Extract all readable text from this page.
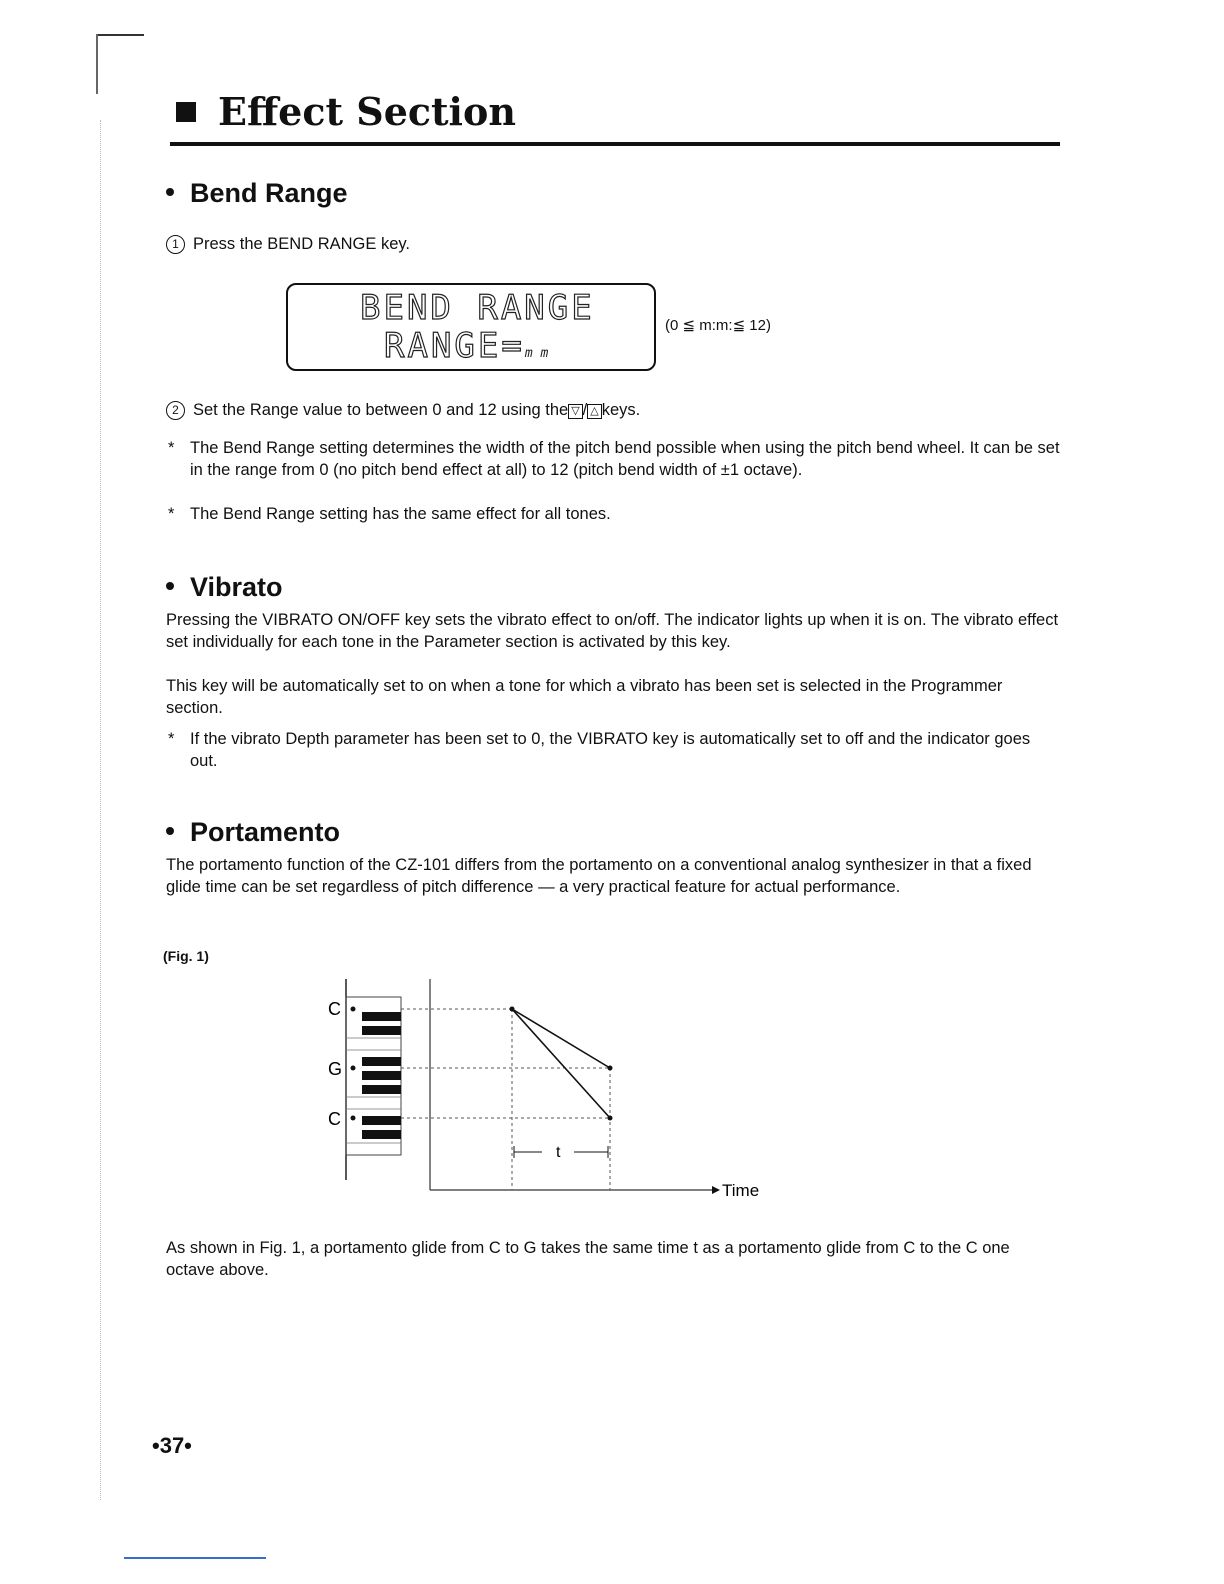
Effect Section
Bend Range

1 Press the BEND RANGE key.

BEND RANGE
RANGE=m m
(0 ≦ m:m:≦ 12)

2 Set the Range value to between 0 and 12 using the ▽ / △ keys.

* The Bend Range setting determines the width of the pitch bend possible when using the pitch bend wheel. It can be set in the range from 0 (no pitch bend effect at all) to 12 (pitch bend width of ±1 octave).

* The Bend Range setting has the same effect for all tones.

Vibrato

Pressing the VIBRATO ON/OFF key sets the vibrato effect to on/off. The indicator lights up when it is on. The vibrato effect set individually for each tone in the Parameter section is activated by this key.

This key will be automatically set to on when a tone for which a vibrato has been set is selected in the Programmer section.

* If the vibrato Depth parameter has been set to 0, the VIBRATO key is automatically set to off and the indicator goes out.

Portamento

The portamento function of the CZ-101 differs from the portamento on a conventional analog synthesizer in that a fixed glide time can be set regardless of pitch difference — a very practical feature for actual performance.

(Fig. 1)
C
G
C
Time
t

As shown in Fig. 1, a portamento glide from C to G takes the same time t as a portamento glide from C to the C one octave above.

•37•
